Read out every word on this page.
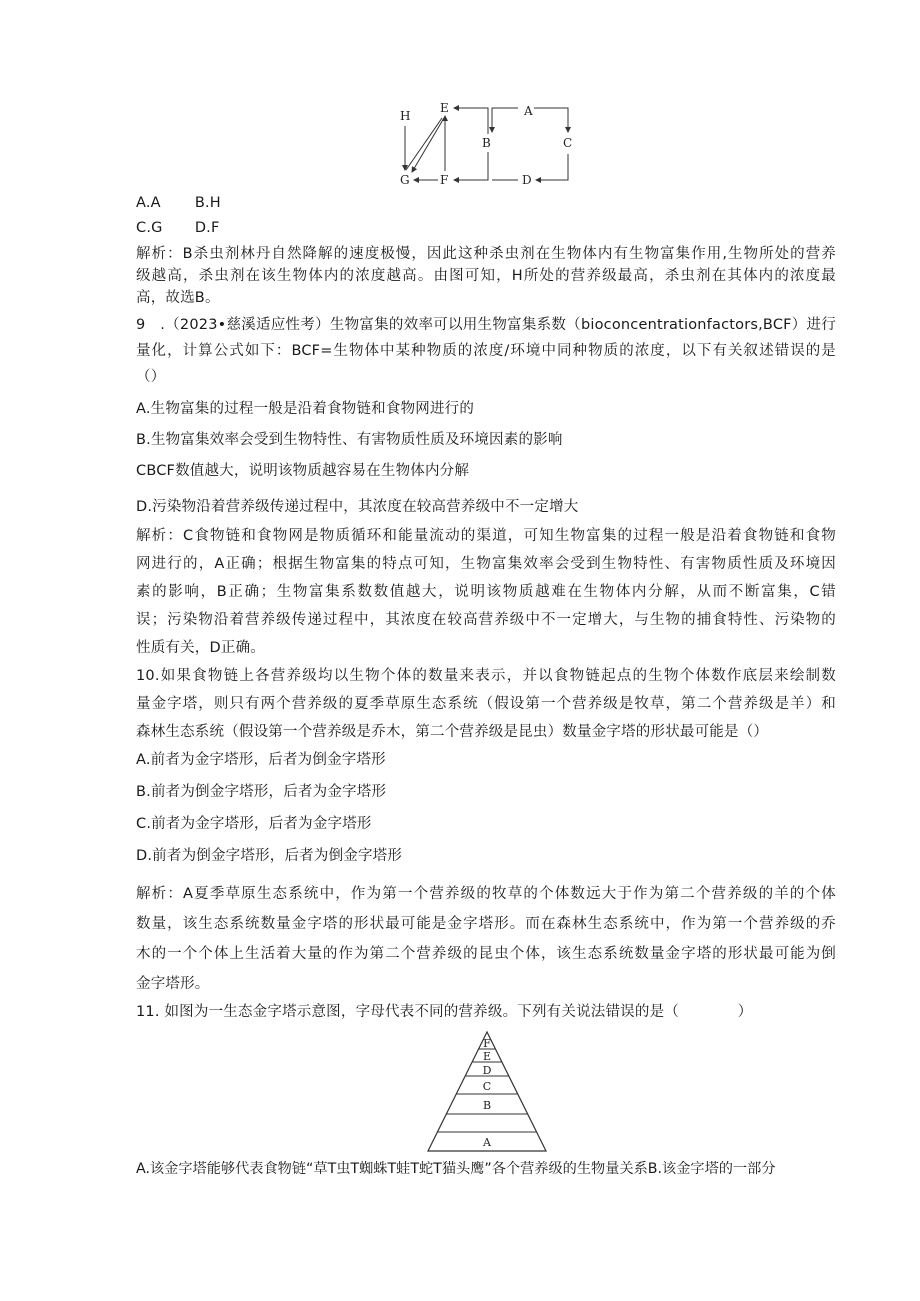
H
E	A
B	C
G	F	D
A.A B.H
C.G D.F
解析：B杀虫剂林丹自然降解的速度极慢，因此这种杀虫剂在生物体内有生物富集作用,生物所处的营养
级越高，杀虫剂在该生物体内的浓度越高。由图可知，H所处的营养级最高，杀虫剂在其体内的浓度最
高，故选B。
9　.（2023•慈溪适应性考）生物富集的效率可以用生物富集系数（bioconcentrationfactors,BCF）进行
量化，计算公式如下：BCF=生物体中某种物质的浓度/环境中同种物质的浓度，以下有关叙述错误的是
（）
A.生物富集的过程一般是沿着食物链和食物网进行的
B.生物富集效率会受到生物特性、有害物质性质及环境因素的影响
CBCF数值越大，说明该物质越容易在生物体内分解
D.污染物沿着营养级传递过程中，其浓度在较高营养级中不一定增大
解析：C食物链和食物网是物质循环和能量流动的渠道，可知生物富集的过程一般是沿着食物链和食物
网进行的，A正确；根据生物富集的特点可知，生物富集效率会受到生物特性、有害物质性质及环境因
素的影响，B正确；生物富集系数数值越大，说明该物质越难在生物体内分解，从而不断富集，C错
误；污染物沿着营养级传递过程中，其浓度在较高营养级中不一定增大，与生物的捕食特性、污染物的
性质有关，D正确。
10.如果食物链上各营养级均以生物个体的数量来表示，并以食物链起点的生物个体数作底层来绘制数
量金字塔，则只有两个营养级的夏季草原生态系统（假设第一个营养级是牧草，第二个营养级是羊）和
森林生态系统（假设第一个营养级是乔木，第二个营养级是昆虫）数量金字塔的形状最可能是（）
A.前者为金字塔形，后者为倒金字塔形
B.前者为倒金字塔形，后者为金字塔形
C.前者为金字塔形，后者为金字塔形
D.前者为倒金字塔形，后者为倒金字塔形
解析：A夏季草原生态系统中，作为第一个营养级的牧草的个体数远大于作为第二个营养级的羊的个体
数量，该生态系统数量金字塔的形状最可能是金字塔形。而在森林生态系统中，作为第一个营养级的乔
木的一个个体上生活着大量的作为第二个营养级的昆虫个体，该生态系统数量金字塔的形状最可能为倒
金字塔形。
11. 如图为一生态金字塔示意图，字母代表不同的营养级。下列有关说法错误的是（　　　　）
F
E
D
C
B
A
A.该金字塔能够代表食物链“草T虫T蜘蛛T蛙T蛇T猫头鹰”各个营养级的生物量关系B.该金字塔的一部分
